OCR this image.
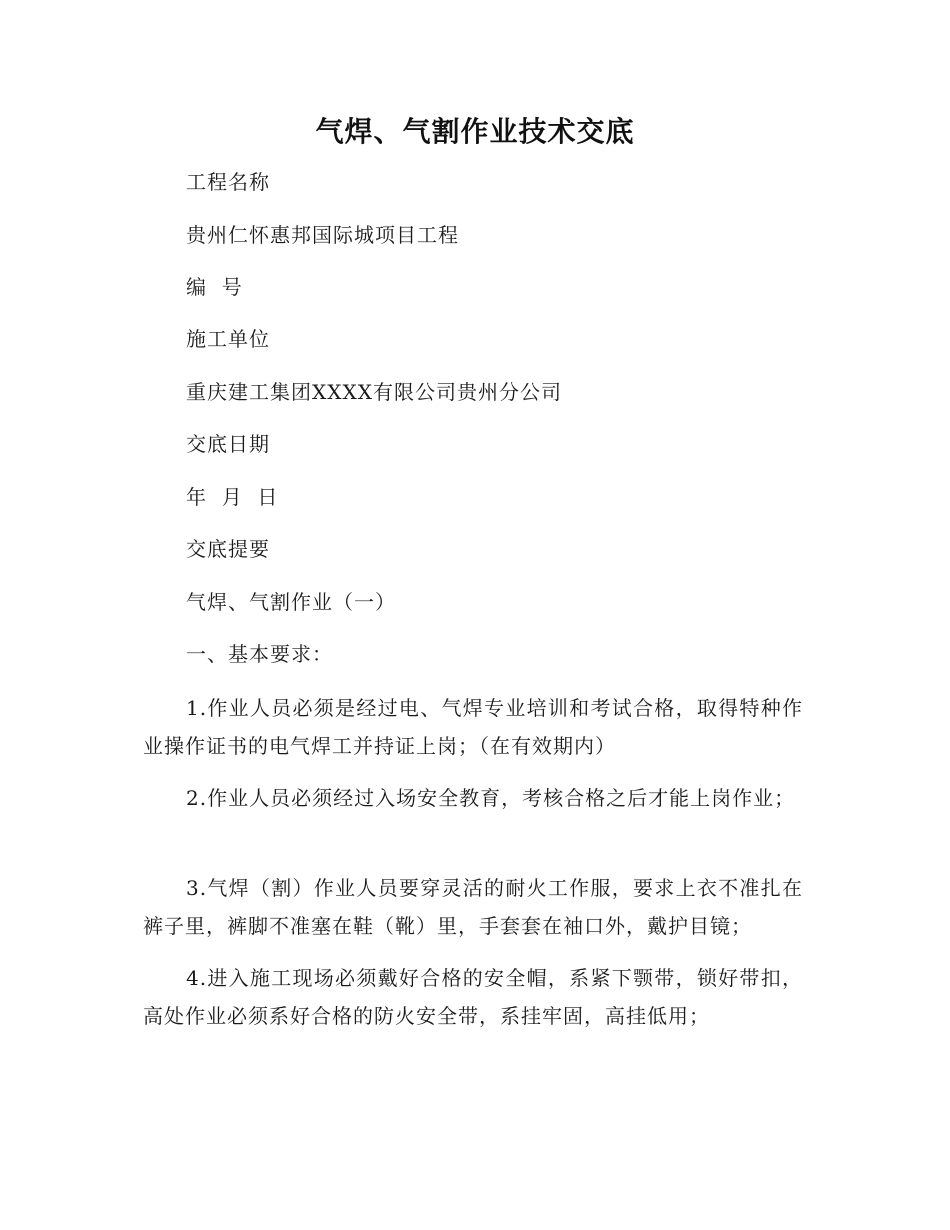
气焊、气割作业技术交底
工程名称
贵州仁怀惠邦国际城项目工程
编  号
施工单位
重庆建工集团XXXX有限公司贵州分公司
交底日期
年  月  日
交底提要
气焊、气割作业（一）
一、基本要求：
1.作业人员必须是经过电、气焊专业培训和考试合格，取得特种作业操作证书的电气焊工并持证上岗；（在有效期内）
2.作业人员必须经过入场安全教育，考核合格之后才能上岗作业；
3.气焊（割）作业人员要穿灵活的耐火工作服，要求上衣不准扎在裤子里，裤脚不准塞在鞋（靴）里，手套套在袖口外，戴护目镜；
4.进入施工现场必须戴好合格的安全帽，系紧下颚带，锁好带扣，高处作业必须系好合格的防火安全带，系挂牢固，高挂低用；
